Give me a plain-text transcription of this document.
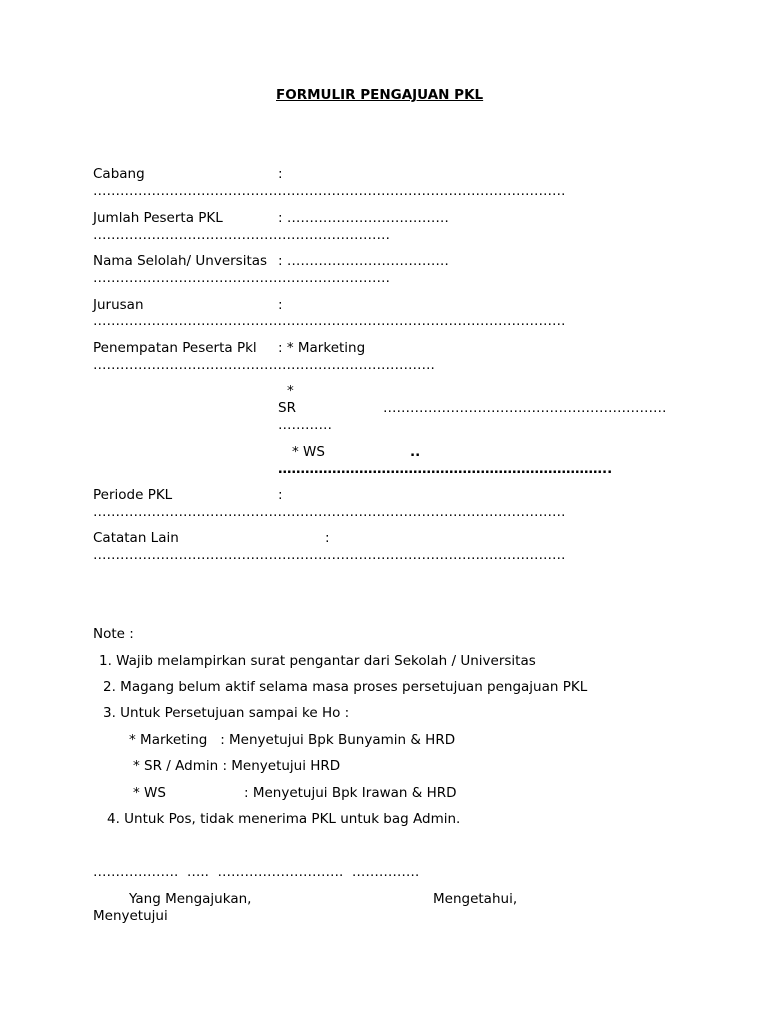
FORMULIR PENGAJUAN PKL
Cabang	:
……………………………………………………………………………………………
Jumlah Peserta PKL	: ………………………………
…………………………………………………………
Nama Selolah/ Unversitas : ………………………………
…………………………………………………………
Jurusan	:
……………………………………………………………………………………………
Penempatan Peserta Pkl : * Marketing
………………………………………………………………….
*
SR	………………………………………………………
…………
* WS	..
………………………………………………………………..
Periode PKL	:
……………………………………………………………………………………………
Catatan Lain	:
……………………………………………………………………………………………
Note :
1. Wajib melampirkan surat pengantar dari Sekolah / Universitas
2. Magang belum aktif selama masa proses persetujuan pengajuan PKL
3. Untuk Persetujuan sampai ke Ho :
* Marketing   : Menyetujui Bpk Bunyamin & HRD
* SR / Admin : Menyetujui HRD
* WS	: Menyetujui Bpk Irawan & HRD
4. Untuk Pos, tidak menerima PKL untuk bag Admin.
……………….  …..  ……………………….  ……………
Yang Mengajukan,	Mengetahui,
Menyetujui
